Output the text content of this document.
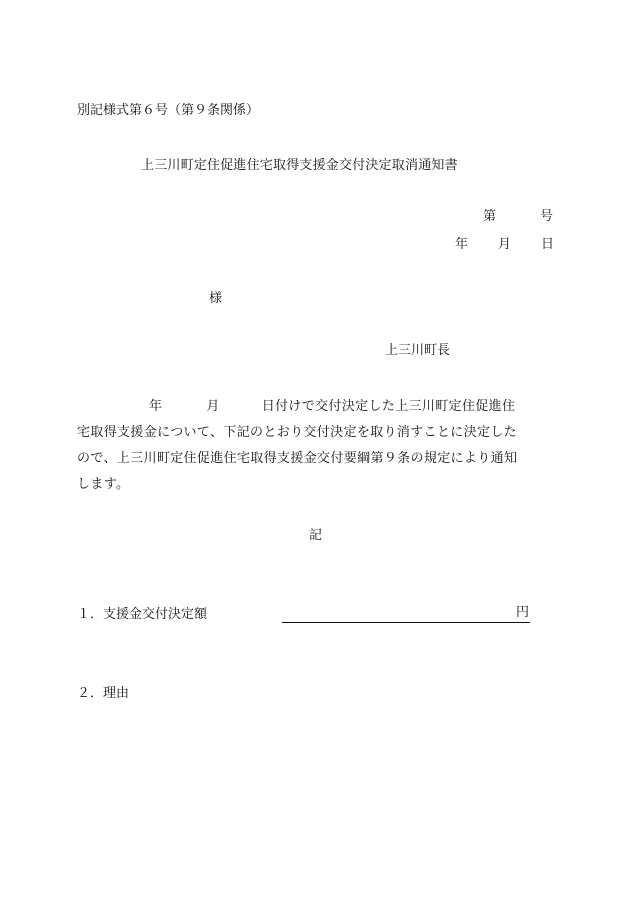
別記様式第６号（第９条関係）
上三川町定住促進住宅取得支援金交付決定取消通知書
第	号
年 月 日
様
上三川町長
年	月	日付けで交付決定した上三川町定住促進住
宅取得支援金について、下記のとおり交付決定を取り消すことに決定した
ので、上三川町定住促進住宅取得支援金交付要綱第９条の規定により通知
します。
記
１．支援金交付決定額	円
２．理由
